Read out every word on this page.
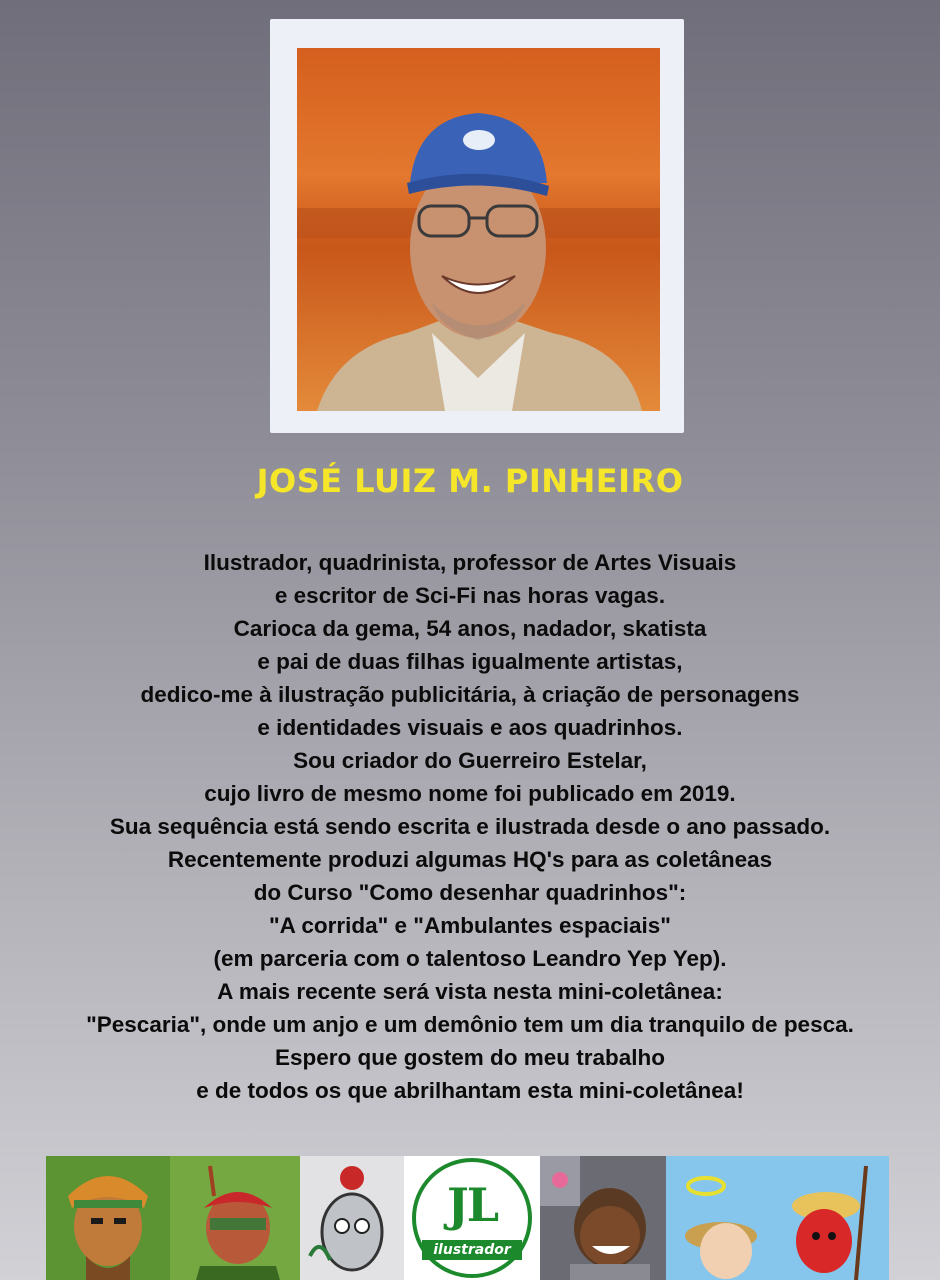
JOSÉ LUIZ M. PINHEIRO
Ilustrador, quadrinista, professor de Artes Visuais
e escritor de Sci-Fi nas horas vagas.
Carioca da gema, 54 anos, nadador, skatista
e pai de duas filhas igualmente artistas,
dedico-me à ilustração publicitária, à criação de personagens
e identidades visuais e aos quadrinhos.
Sou criador do Guerreiro Estelar,
cujo livro de mesmo nome foi publicado em 2019.
Sua sequência está sendo escrita e ilustrada desde o ano passado.
Recentemente produzi algumas HQ's para as coletâneas
do Curso "Como desenhar quadrinhos":
"A corrida" e "Ambulantes espaciais"
(em parceria com o talentoso Leandro Yep Yep).
A mais recente será vista nesta mini-coletânea:
"Pescaria", onde um anjo e um demônio tem um dia tranquilo de pesca.
Espero que gostem do meu trabalho
e de todos os que abrilhantam esta mini-coletânea!
JL
ilustrador
